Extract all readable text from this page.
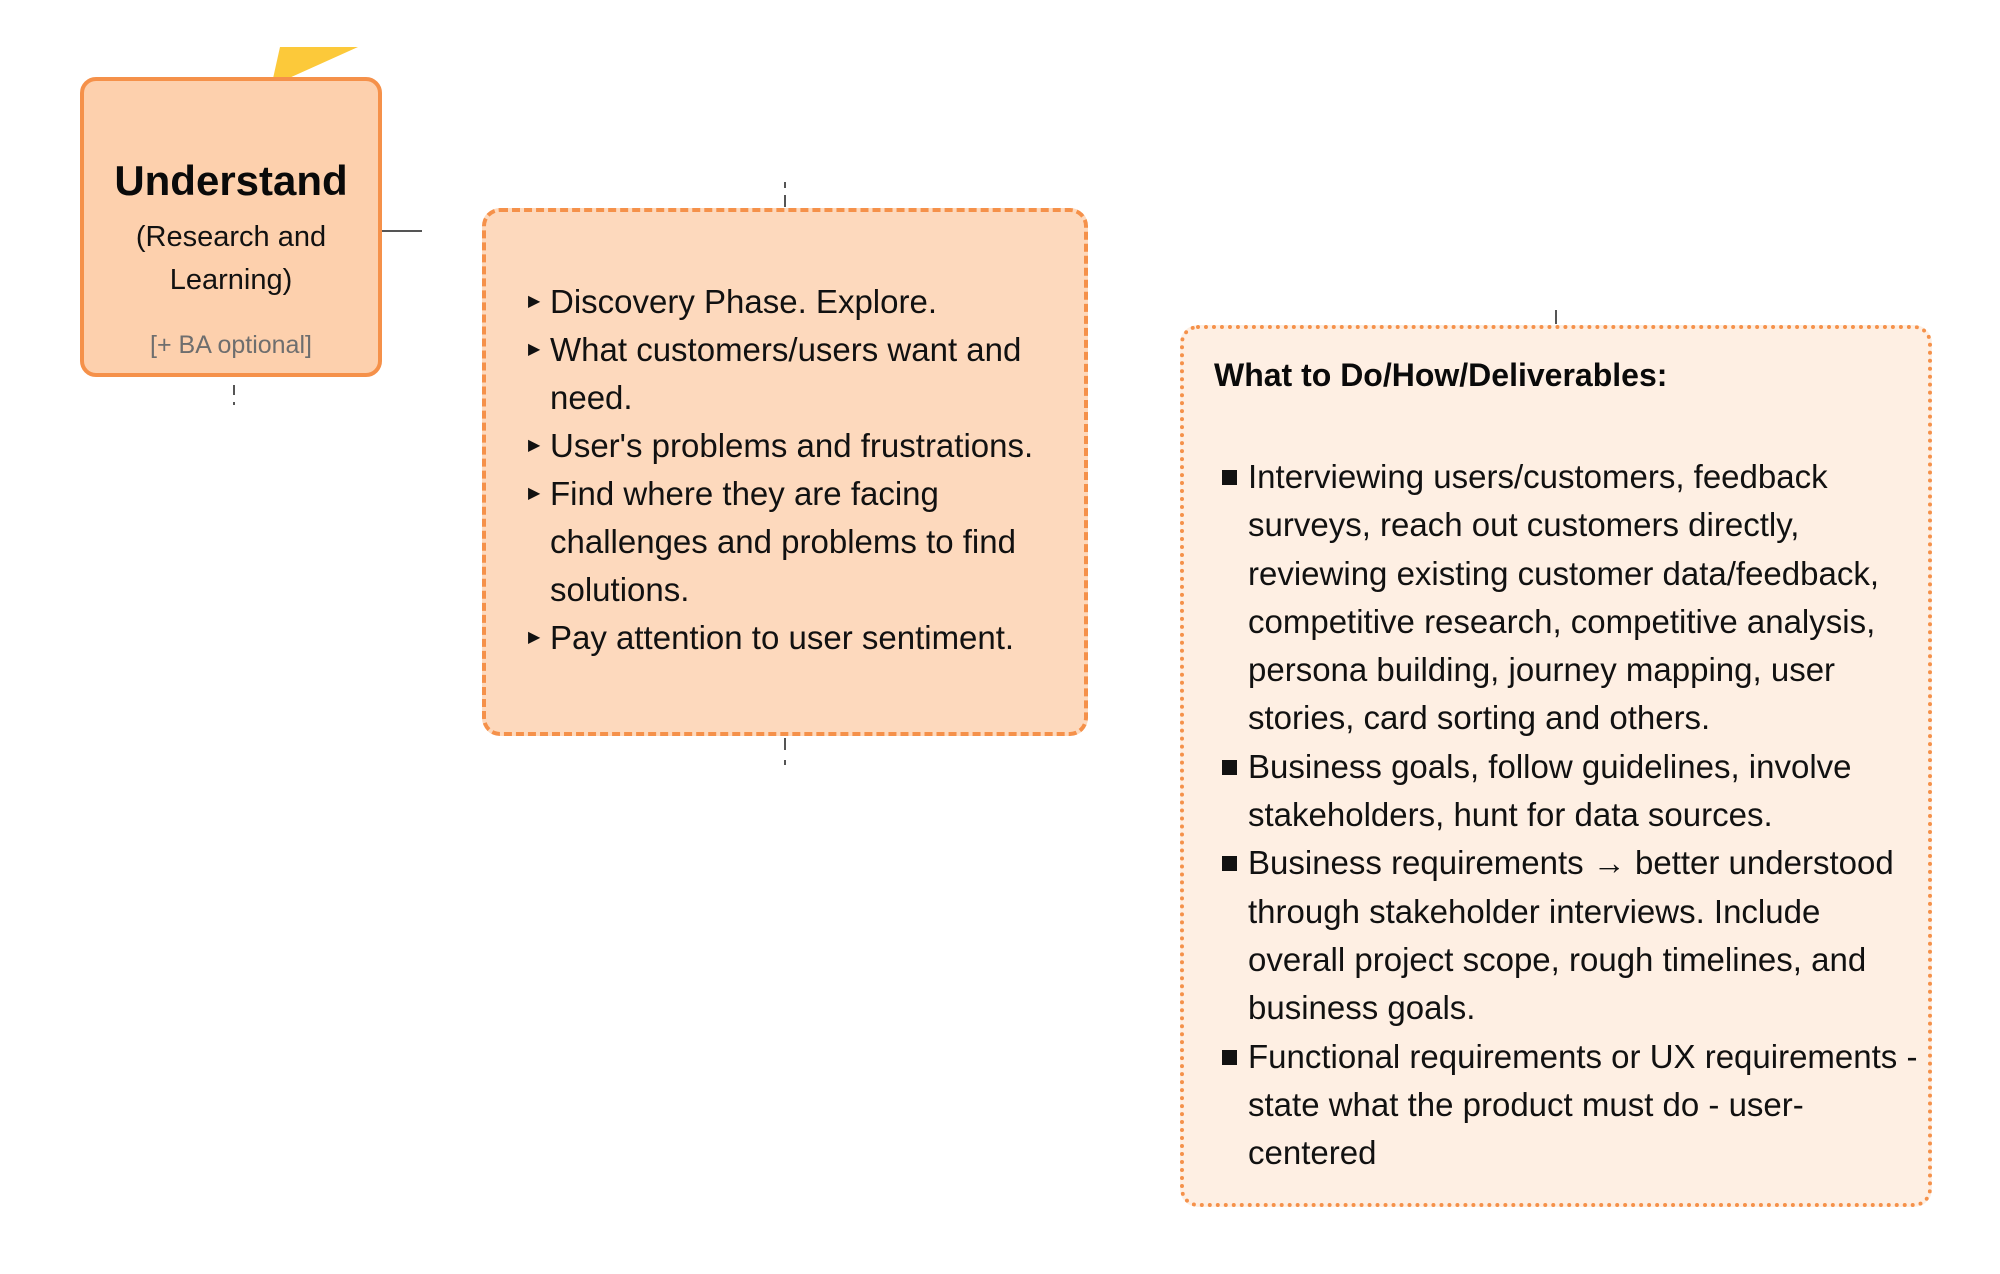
Understand
(Research and Learning)
[+ BA optional]
▶ Discovery Phase. Explore.
▶ What customers/users want and need.
▶ User's problems and frustrations.
▶ Find where they are facing challenges and problems to find solutions.
▶ Pay attention to user sentiment.
What to Do/How/Deliverables:
Interviewing users/customers, feedback surveys, reach out customers directly, reviewing existing customer data/feedback, competitive research, competitive analysis, persona building, journey mapping, user stories, card sorting and others.
Business goals, follow guidelines, involve stakeholders, hunt for data sources.
Business requirements → better understood through stakeholder interviews. Include overall project scope, rough timelines, and business goals.
Functional requirements or UX requirements - state what the product must do - user-centered
